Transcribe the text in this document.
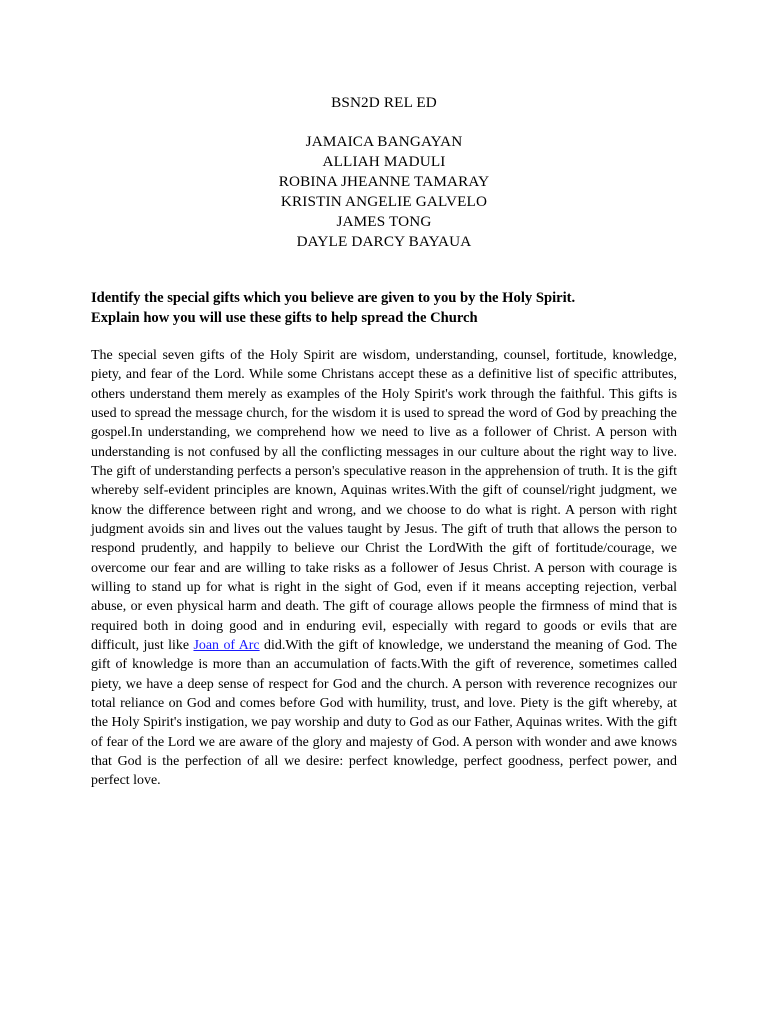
BSN2D REL ED
JAMAICA BANGAYAN
ALLIAH MADULI
ROBINA JHEANNE TAMARAY
KRISTIN ANGELIE GALVELO
JAMES TONG
DAYLE DARCY BAYAUA
Identify the special gifts which you believe are given to you by the Holy Spirit.
Explain how you will use these gifts to help spread the Church
The special seven gifts of the Holy Spirit are wisdom, understanding, counsel, fortitude, knowledge, piety, and fear of the Lord. While some Christans accept these as a definitive list of specific attributes, others understand them merely as examples of the Holy Spirit's work through the faithful. This gifts is used to spread the message church, for the wisdom it is used to spread the word of God by preaching the gospel.In understanding, we comprehend how we need to live as a follower of Christ. A person with understanding is not confused by all the conflicting messages in our culture about the right way to live. The gift of understanding perfects a person's speculative reason in the apprehension of truth. It is the gift whereby self-evident principles are known, Aquinas writes.With the gift of counsel/right judgment, we know the difference between right and wrong, and we choose to do what is right. A person with right judgment avoids sin and lives out the values taught by Jesus. The gift of truth that allows the person to respond prudently, and happily to believe our Christ the LordWith the gift of fortitude/courage, we overcome our fear and are willing to take risks as a follower of Jesus Christ. A person with courage is willing to stand up for what is right in the sight of God, even if it means accepting rejection, verbal abuse, or even physical harm and death. The gift of courage allows people the firmness of mind that is required both in doing good and in enduring evil, especially with regard to goods or evils that are difficult, just like Joan of Arc did.With the gift of knowledge, we understand the meaning of God. The gift of knowledge is more than an accumulation of facts.With the gift of reverence, sometimes called piety, we have a deep sense of respect for God and the church. A person with reverence recognizes our total reliance on God and comes before God with humility, trust, and love. Piety is the gift whereby, at the Holy Spirit's instigation, we pay worship and duty to God as our Father, Aquinas writes. With the gift of fear of the Lord we are aware of the glory and majesty of God. A person with wonder and awe knows that God is the perfection of all we desire: perfect knowledge, perfect goodness, perfect power, and perfect love.
